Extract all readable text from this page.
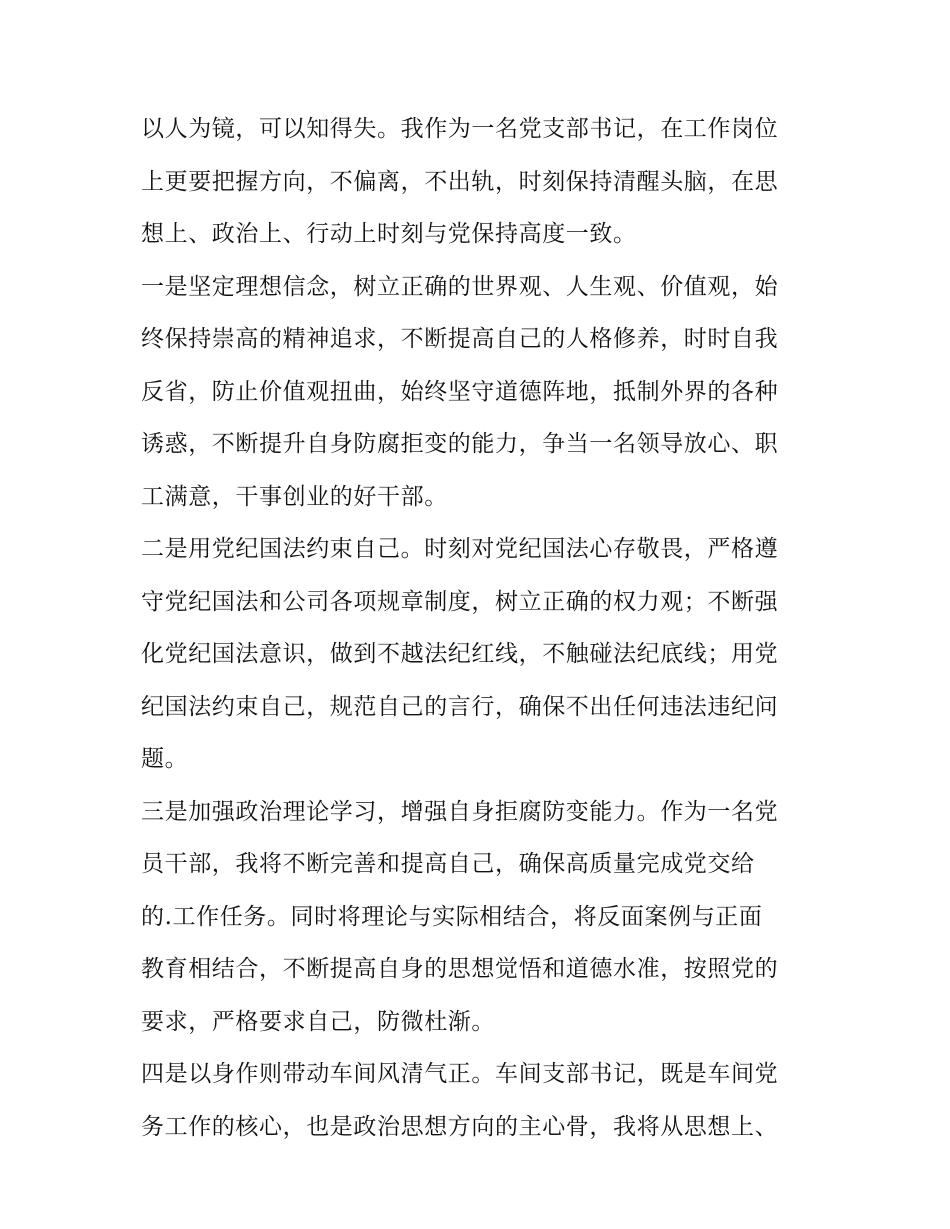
以人为镜，可以知得失。我作为一名党支部书记，在工作岗位
上更要把握方向，不偏离，不出轨，时刻保持清醒头脑，在思
想上、政治上、行动上时刻与党保持高度一致。
一是坚定理想信念，树立正确的世界观、人生观、价值观，始
终保持崇高的精神追求，不断提高自己的人格修养，时时自我
反省，防止价值观扭曲，始终坚守道德阵地，抵制外界的各种
诱惑，不断提升自身防腐拒变的能力，争当一名领导放心、职
工满意，干事创业的好干部。
二是用党纪国法约束自己。时刻对党纪国法心存敬畏，严格遵
守党纪国法和公司各项规章制度，树立正确的权力观；不断强
化党纪国法意识，做到不越法纪红线，不触碰法纪底线；用党
纪国法约束自己，规范自己的言行，确保不出任何违法违纪问
题。
三是加强政治理论学习，增强自身拒腐防变能力。作为一名党
员干部，我将不断完善和提高自己，确保高质量完成党交给
的.工作任务。同时将理论与实际相结合，将反面案例与正面
教育相结合，不断提高自身的思想觉悟和道德水准，按照党的
要求，严格要求自己，防微杜渐。
四是以身作则带动车间风清气正。车间支部书记，既是车间党
务工作的核心，也是政治思想方向的主心骨，我将从思想上、
